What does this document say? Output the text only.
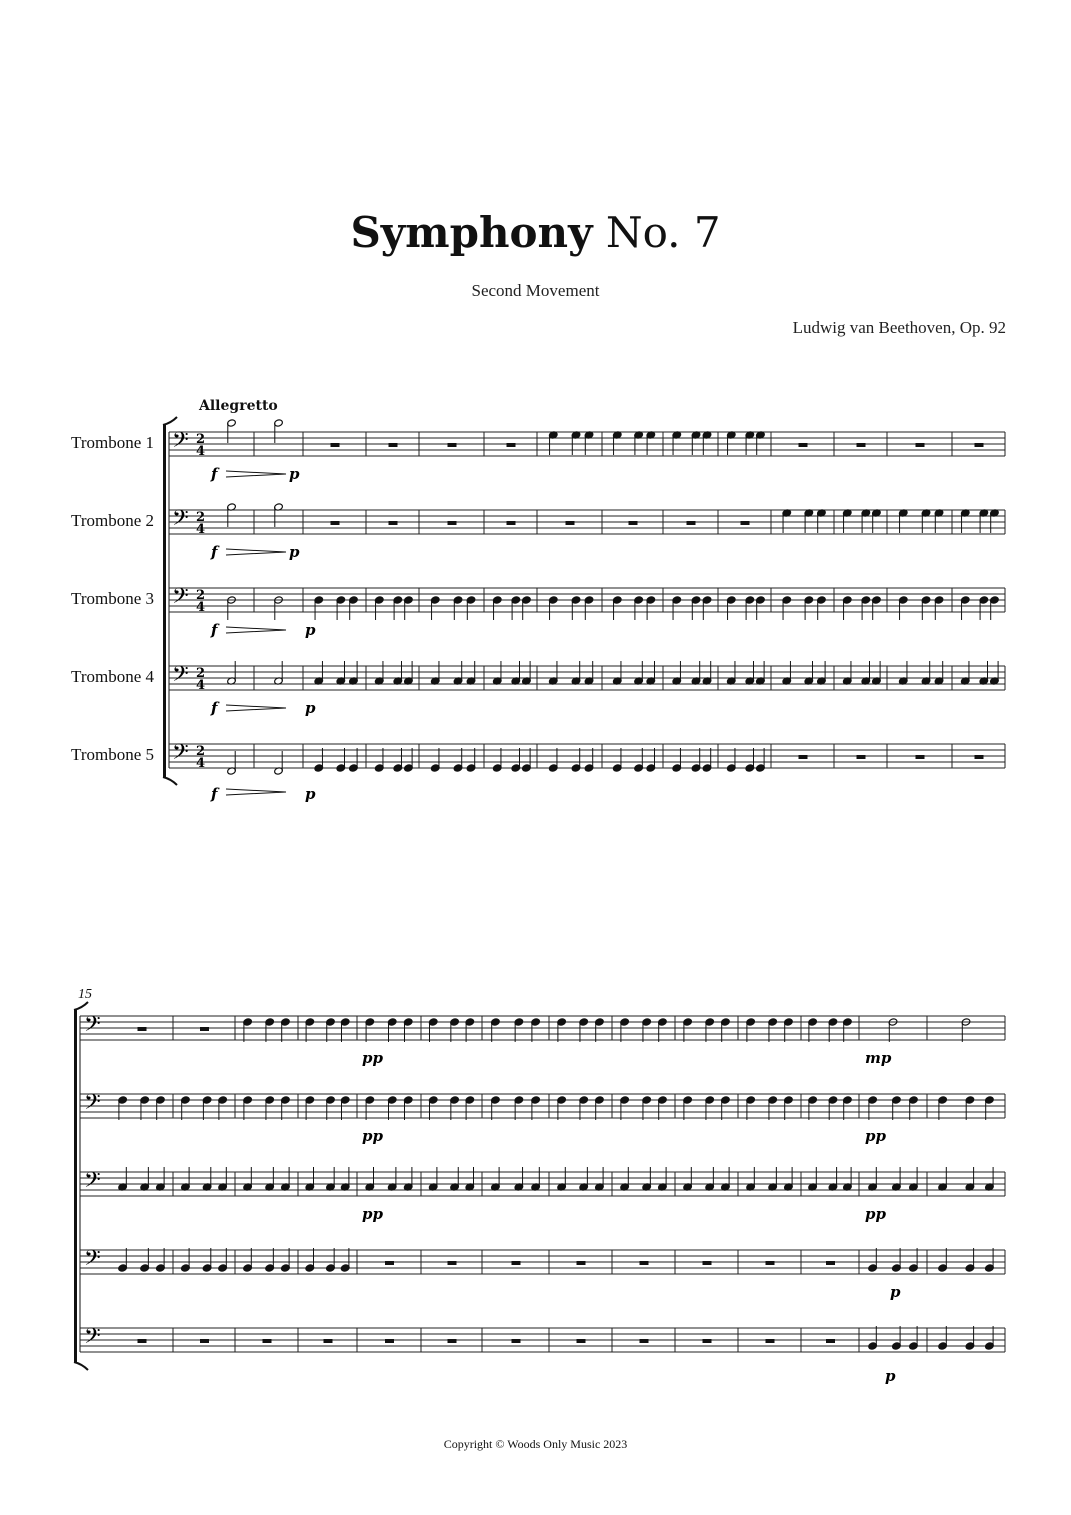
Symphony No. 7
Second Movement
Ludwig van Beethoven, Op. 92
Allegretto
Trombone 1
Trombone 2
Trombone 3
Trombone 4
Trombone 5
15
𝄢 2
4
𝄢 2
4
𝄢 2
4
𝄢 2
4
𝄢 2
4
𝄢
𝄢
𝄢
𝄢
𝄢
f	p
f	p
f	p
f	p
f	p
pp	mp
pp	pp
pp	pp
p
p
Copyright © Woods Only Music 2023
